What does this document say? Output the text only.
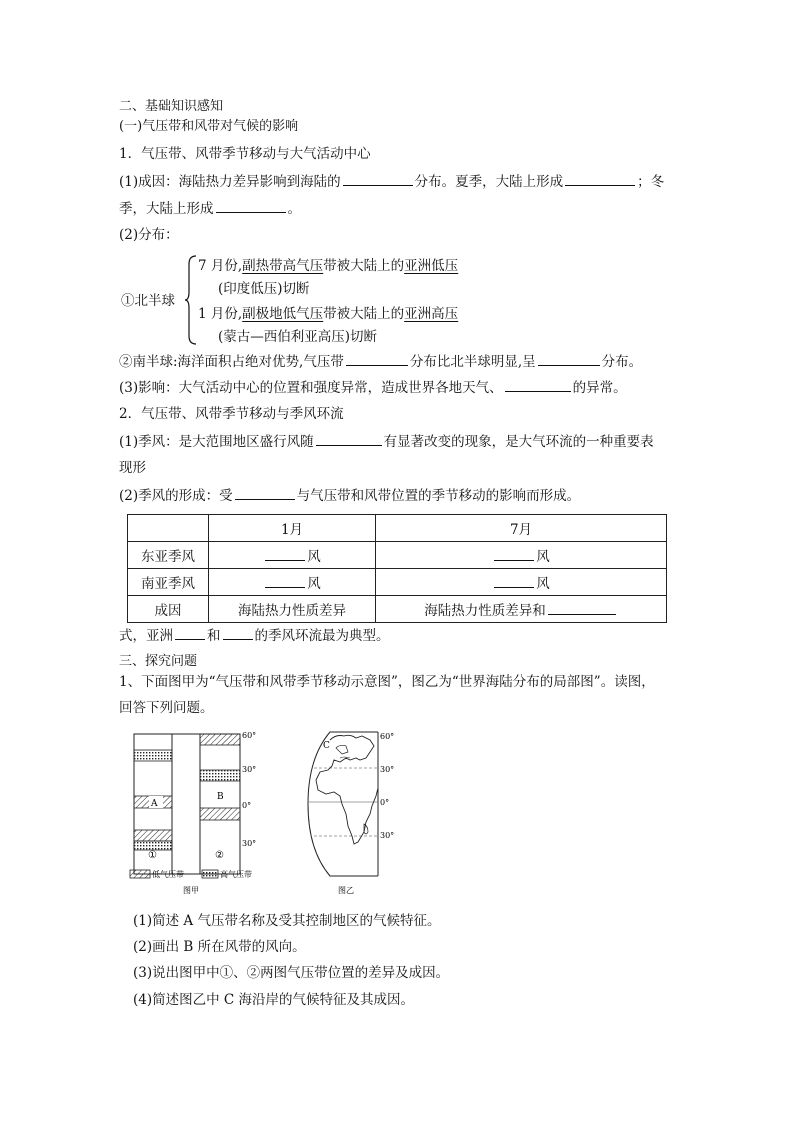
二、基础知识感知
(一)气压带和风带对气候的影响
1．气压带、风带季节移动与大气活动中心
(1)成因：海陆热力差异影响到海陆的	分布。夏季，大陆上形成	；冬
季，大陆上形成	。
(2)分布：
①北半球
7 月份,副热带高气压带被大陆上的亚洲低压
(印度低压)切断
1 月份,副极地低气压带被大陆上的亚洲高压
(蒙古—西伯利亚高压)切断
②南半球:海洋面积占绝对优势,气压带	分布比北半球明显,呈	分布。
(3)影响：大气活动中心的位置和强度异常，造成世界各地天气、	的异常。
2．气压带、风带季节移动与季风环流
(1)季风：是大范围地区盛行风随	有显著改变的现象，是大气环流的一种重要表
现形
(2)季风的形成：受	与气压带和风带位置的季节移动的影响而形成。
	1月	7月
东亚季风	风	风
南亚季风	风	风
成因	海陆热力性质差异	海陆热力性质差异和
式，亚洲	和	的季风环流最为典型。
三、探究问题
1、下面图甲为“气压带和风带季节移动示意图”，图乙为“世界海陆分布的局部图”。读图，
回答下列问题。
A
B
60°
30°
0°
30°
①	②
低气压带	高气压带
图甲
C
60°
30°
0°
30°
图乙
(1)简述 A 气压带名称及受其控制地区的气候特征。
(2)画出 B 所在风带的风向。
(3)说出图甲中①、②两图气压带位置的差异及成因。
(4)简述图乙中 C 海沿岸的气候特征及其成因。
